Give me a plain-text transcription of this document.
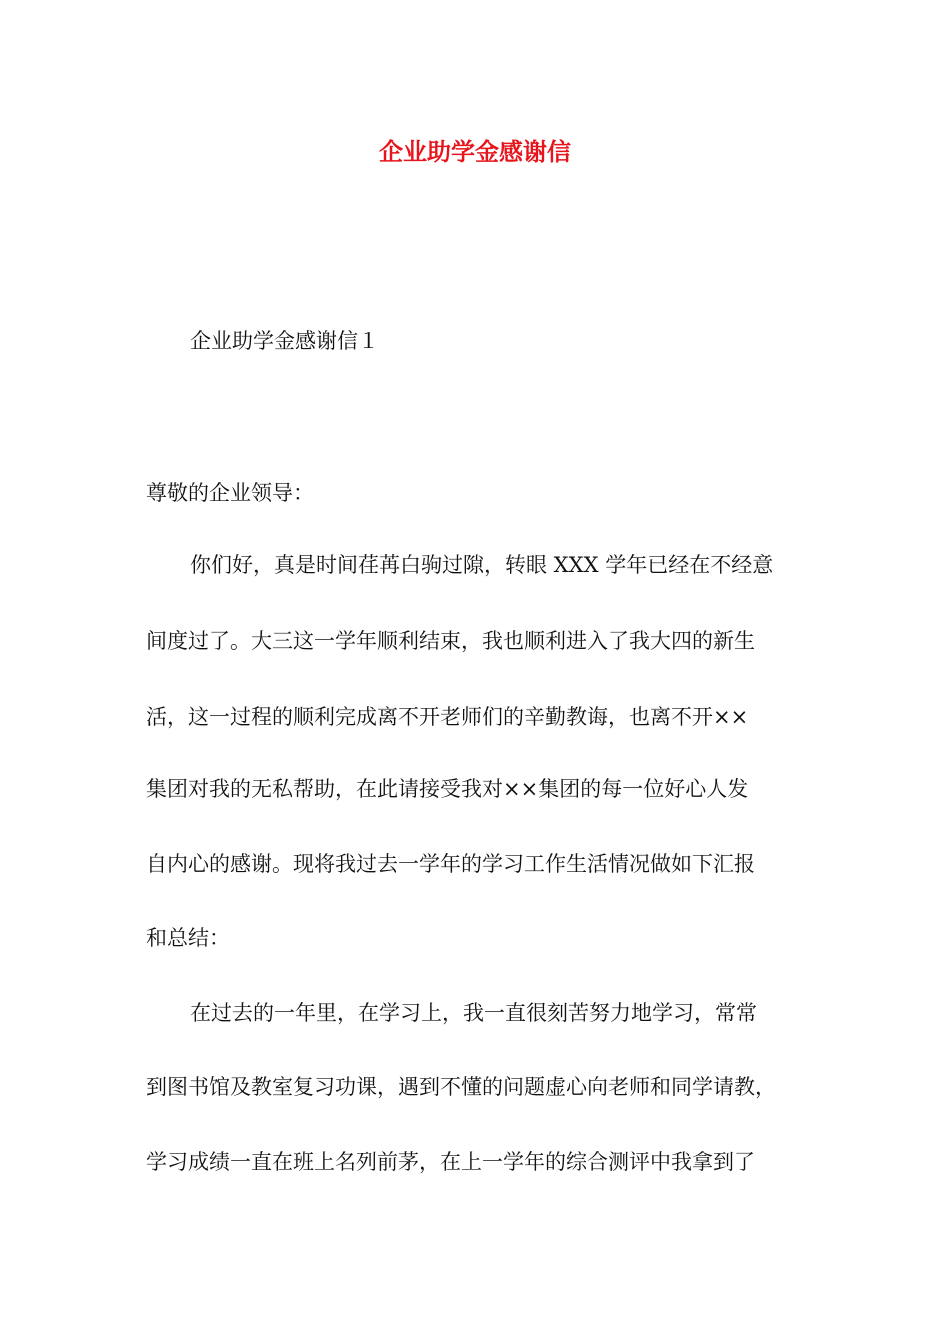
企业助学金感谢信
企业助学金感谢信１
尊敬的企业领导：
你们好，真是时间荏苒白驹过隙，转眼 XXX 学年已经在不经意
间度过了。大三这一学年顺利结束，我也顺利进入了我大四的新生
活，这一过程的顺利完成离不开老师们的辛勤教诲，也离不开××
集团对我的无私帮助，在此请接受我对××集团的每一位好心人发
自内心的感谢。现将我过去一学年的学习工作生活情况做如下汇报
和总结：
在过去的一年里，在学习上，我一直很刻苦努力地学习，常常
到图书馆及教室复习功课，遇到不懂的问题虚心向老师和同学请教，
学习成绩一直在班上名列前茅，在上一学年的综合测评中我拿到了
